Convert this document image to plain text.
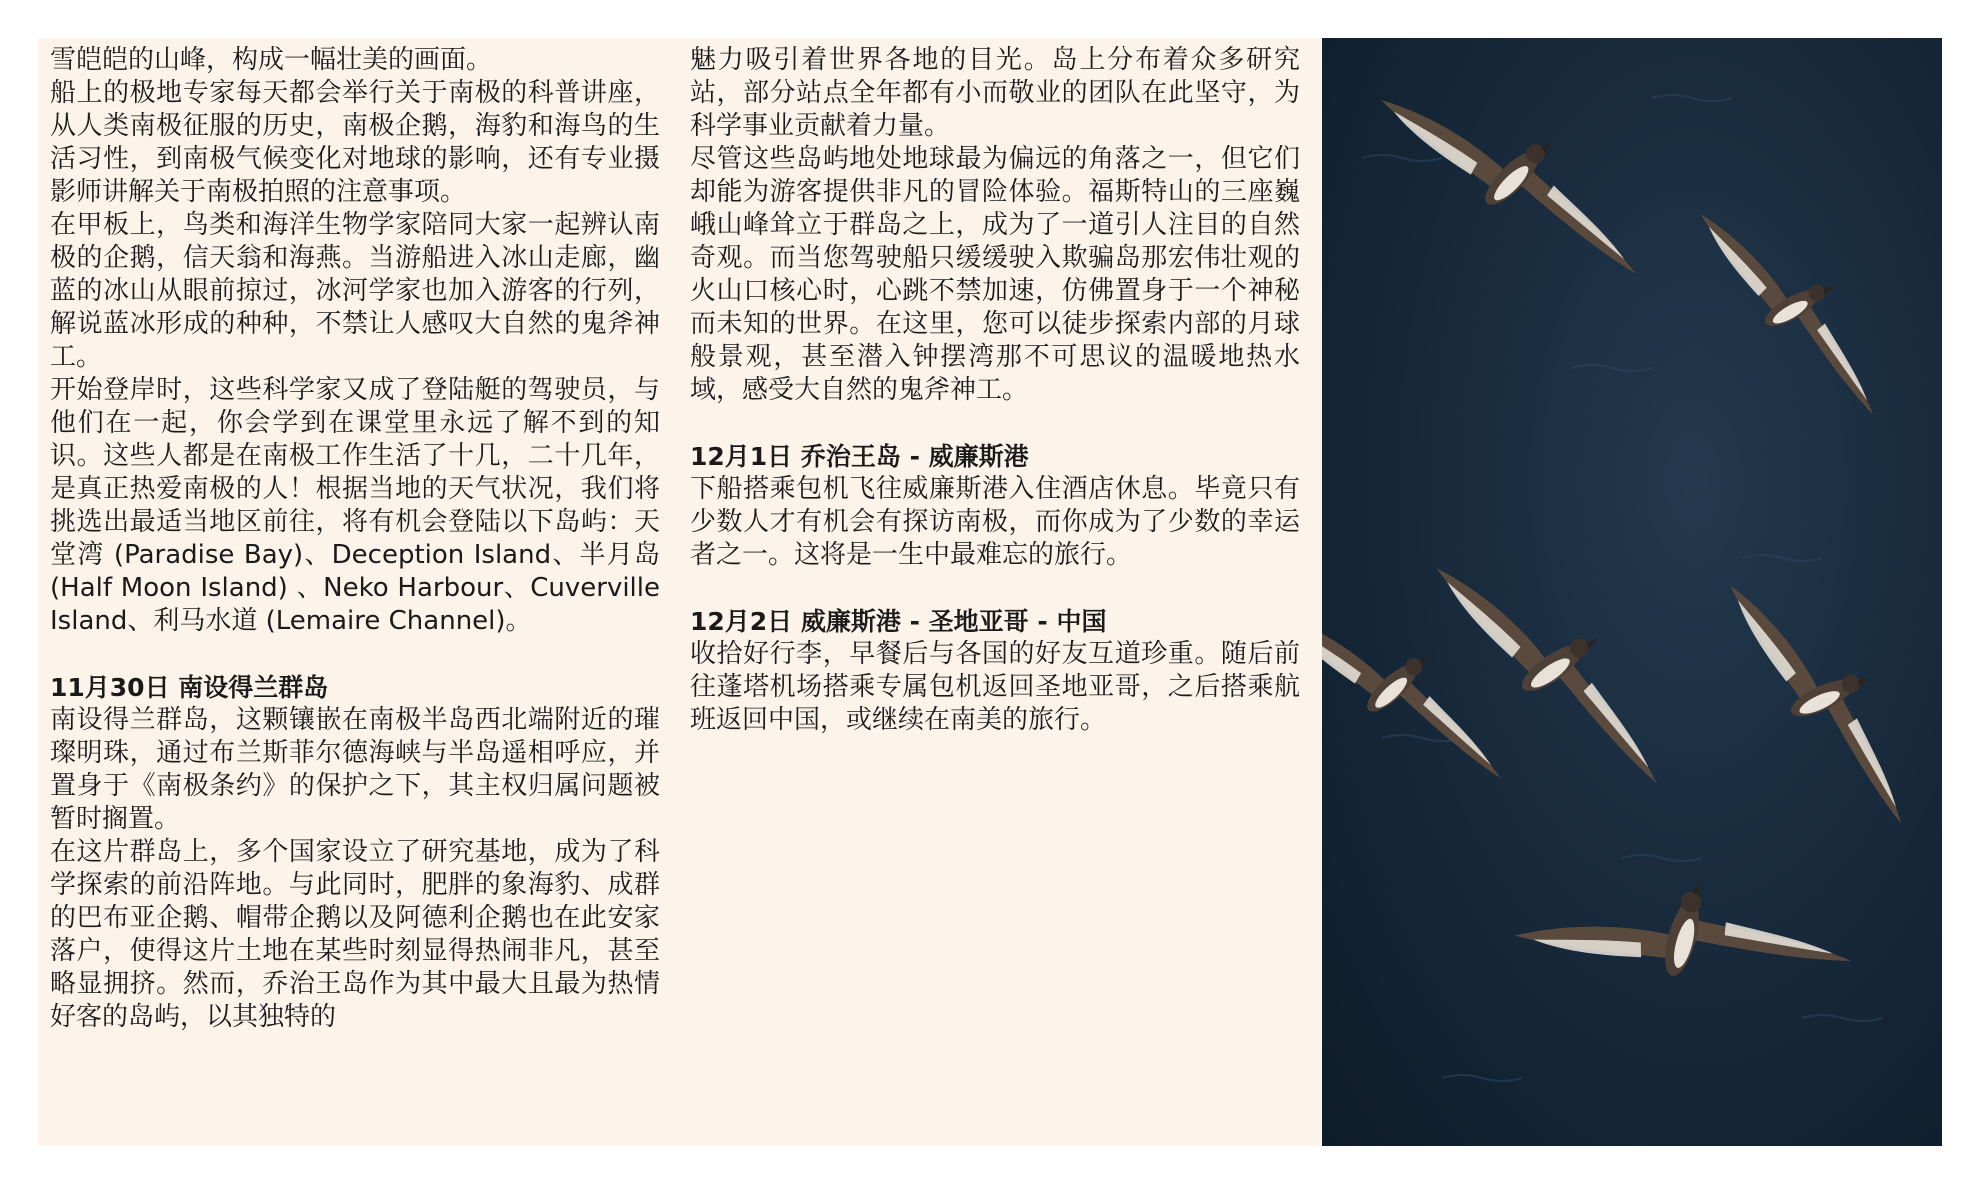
雪皑皑的山峰，构成一幅壮美的画面。

船上的极地专家每天都会举行关于南极的科普讲座，从人类南极征服的历史，南极企鹅，海豹和海鸟的生活习性，到南极气候变化对地球的影响，还有专业摄影师讲解关于南极拍照的注意事项。

在甲板上，鸟类和海洋生物学家陪同大家一起辨认南极的企鹅，信天翁和海燕。当游船进入冰山走廊，幽蓝的冰山从眼前掠过，冰河学家也加入游客的行列，解说蓝冰形成的种种，不禁让人感叹大自然的鬼斧神工。

开始登岸时，这些科学家又成了登陆艇的驾驶员，与他们在一起，你会学到在课堂里永远了解不到的知识。这些人都是在南极工作生活了十几，二十几年，是真正热爱南极的人！根据当地的天气状况，我们将挑选出最适当地区前往，将有机会登陆以下岛屿：天堂湾 (Paradise Bay)、Deception Island、半月岛 (Half Moon Island) 、Neko Harbour、Cuverville Island、利马水道 (Lemaire Channel)。

11月30日 南设得兰群岛

南设得兰群岛，这颗镶嵌在南极半岛西北端附近的璀璨明珠，通过布兰斯菲尔德海峡与半岛遥相呼应，并置身于《南极条约》的保护之下，其主权归属问题被暂时搁置。

在这片群岛上，多个国家设立了研究基地，成为了科学探索的前沿阵地。与此同时，肥胖的象海豹、成群的巴布亚企鹅、帽带企鹅以及阿德利企鹅也在此安家落户，使得这片土地在某些时刻显得热闹非凡，甚至略显拥挤。然而，乔治王岛作为其中最大且最为热情好客的岛屿，以其独特的

魅力吸引着世界各地的目光。岛上分布着众多研究站，部分站点全年都有小而敬业的团队在此坚守，为科学事业贡献着力量。

尽管这些岛屿地处地球最为偏远的角落之一，但它们却能为游客提供非凡的冒险体验。福斯特山的三座巍峨山峰耸立于群岛之上，成为了一道引人注目的自然奇观。而当您驾驶船只缓缓驶入欺骗岛那宏伟壮观的火山口核心时，心跳不禁加速，仿佛置身于一个神秘而未知的世界。在这里，您可以徒步探索内部的月球般景观，甚至潜入钟摆湾那不可思议的温暖地热水域，感受大自然的鬼斧神工。

12月1日 乔治王岛 - 威廉斯港

下船搭乘包机飞往威廉斯港入住酒店休息。毕竟只有少数人才有机会有探访南极，而你成为了少数的幸运者之一。这将是一生中最难忘的旅行。

12月2日 威廉斯港 - 圣地亚哥 - 中国

收拾好行李，早餐后与各国的好友互道珍重。随后前往蓬塔机场搭乘专属包机返回圣地亚哥，之后搭乘航班返回中国，或继续在南美的旅行。
